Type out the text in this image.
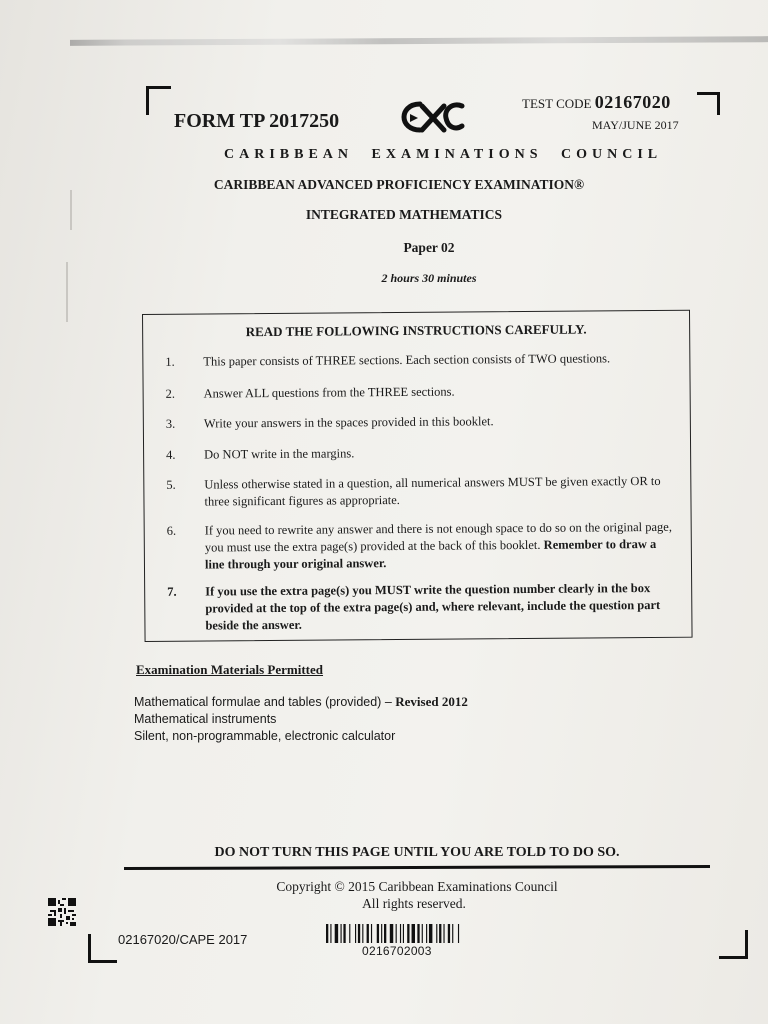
FORM TP 2017250
TEST CODE 02167020
MAY/JUNE 2017
CARIBBEAN EXAMINATIONS COUNCIL
CARIBBEAN ADVANCED PROFICIENCY EXAMINATION®
INTEGRATED MATHEMATICS
Paper 02
2 hours 30 minutes
READ THE FOLLOWING INSTRUCTIONS CAREFULLY.
1.	This paper consists of THREE sections. Each section consists of TWO questions.
2.	Answer ALL questions from the THREE sections.
3.	Write your answers in the spaces provided in this booklet.
4.	Do NOT write in the margins.
5.	Unless otherwise stated in a question, all numerical answers MUST be given exactly OR to three significant figures as appropriate.
6.	If you need to rewrite any answer and there is not enough space to do so on the original page, you must use the extra page(s) provided at the back of this booklet. Remember to draw a line through your original answer.
7.	If you use the extra page(s) you MUST write the question number clearly in the box provided at the top of the extra page(s) and, where relevant, include the question part beside the answer.
Examination Materials Permitted
Mathematical formulae and tables (provided) – Revised 2012
Mathematical instruments
Silent, non-programmable, electronic calculator
DO NOT TURN THIS PAGE UNTIL YOU ARE TOLD TO DO SO.
Copyright © 2015 Caribbean Examinations Council
All rights reserved.
02167020/CAPE 2017
0216702003
